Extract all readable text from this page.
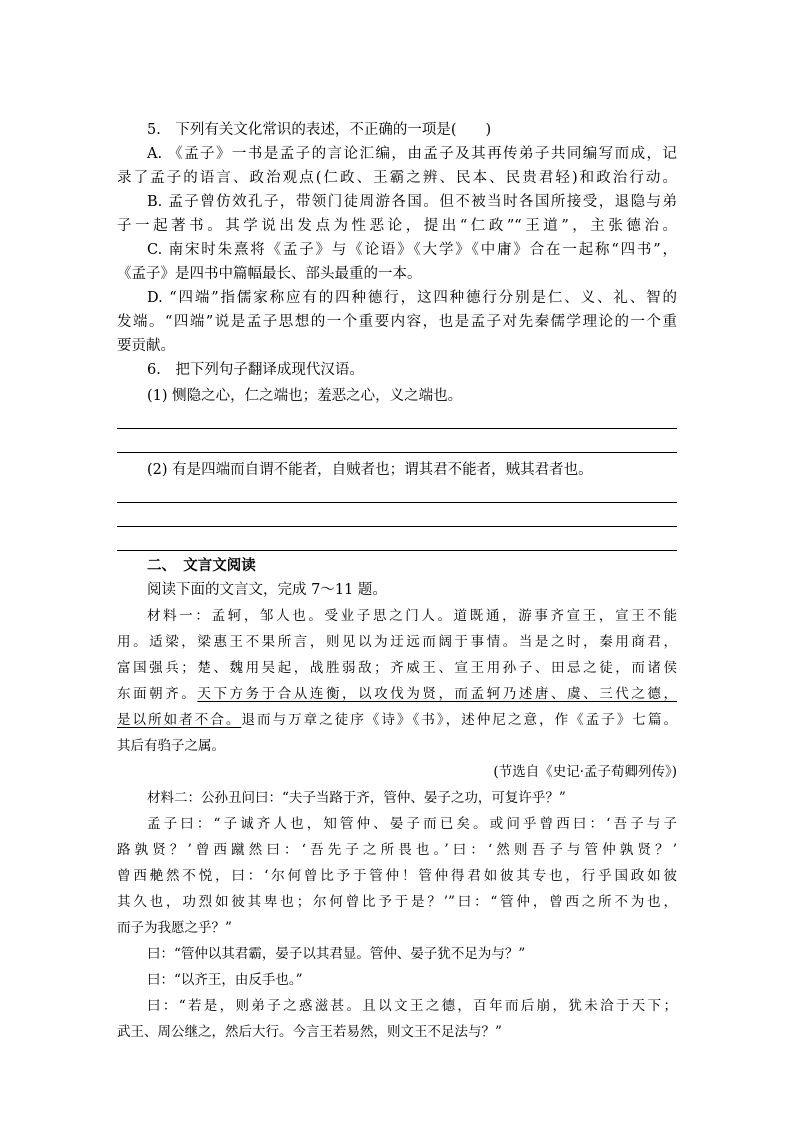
5.　下列有关文化常识的表述，不正确的一项是(　　)
A. 《孟子》一书是孟子的言论汇编，由孟子及其再传弟子共同编写而成，记
录了孟子的语言、政治观点(仁政、王霸之辨、民本、民贵君轻)和政治行动。
B. 孟子曾仿效孔子，带领门徒周游各国。但不被当时各国所接受，退隐与弟
子一起著书。其学说出发点为性恶论，提出“仁政”“王道”，主张德治。
C. 南宋时朱熹将《孟子》与《论语》《大学》《中庸》合在一起称“四书”，
《孟子》是四书中篇幅最长、部头最重的一本。
D. “四端”指儒家称应有的四种德行，这四种德行分别是仁、义、礼、智的
发端。“四端”说是孟子思想的一个重要内容，也是孟子对先秦儒学理论的一个重
要贡献。
6.　把下列句子翻译成现代汉语。
(1) 恻隐之心，仁之端也；羞恶之心，义之端也。
(2) 有是四端而自谓不能者，自贼者也；谓其君不能者，贼其君者也。
二、　文言文阅读
阅读下面的文言文，完成 7～11 题。
材料一：孟轲，邹人也。受业子思之门人。道既通，游事齐宣王，宣王不能
用。适梁，梁惠王不果所言，则见以为迂远而阔于事情。当是之时，秦用商君，
富国强兵；楚、魏用吴起，战胜弱敌；齐威王、宣王用孙子、田忌之徒，而诸侯
东面朝齐。天下方务于合从连衡，以攻伐为贤，而孟轲乃述唐、虞、三代之德，
是以所如者不合。退而与万章之徒序《诗》《书》，述仲尼之意，作《孟子》七篇。
其后有驺子之属。
(节选自《史记·孟子荀卿列传》)
材料二：公孙丑问曰：“夫子当路于齐，管仲、晏子之功，可复许乎？”
孟子曰：“子诚齐人也，知管仲、晏子而已矣。或问乎曾西曰：‘吾子与子
路孰贤？’曾西蹴然曰：‘吾先子之所畏也。’曰：‘然则吾子与管仲孰贤？’
曾西艴然不悦，曰：‘尔何曾比予于管仲！管仲得君如彼其专也，行乎国政如彼
其久也，功烈如彼其卑也；尔何曾比予于是？’”曰：“管仲，曾西之所不为也，
而子为我愿之乎？”
曰：“管仲以其君霸，晏子以其君显。管仲、晏子犹不足为与？”
曰：“以齐王，由反手也。”
曰：“若是，则弟子之惑滋甚。且以文王之德，百年而后崩，犹未洽于天下；
武王、周公继之，然后大行。今言王若易然，则文王不足法与？”
